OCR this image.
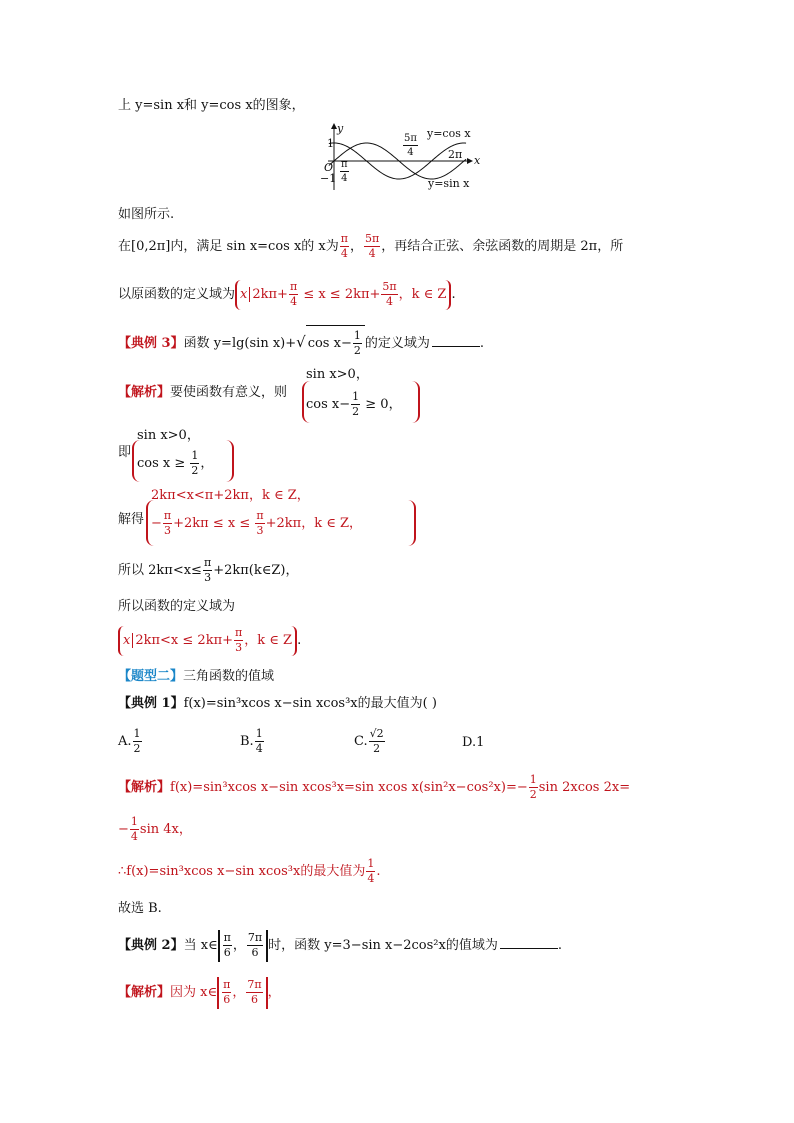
上 y=sin x和 y=cos x的图象，
y
1
O
−1
x
$\frac{\pi}{4}$
$\frac{5\pi}{4}$	2π
y=cos x
y=sin x
如图所示.
在[0,2π]内，满足 sin x=cos x的 x为 $\frac{\pi}{4}$ ， $\frac{5\pi}{4}$ ，再结合正弦、余弦函数的周期是 2π，所
以原函数的定义域为 x $2k\pi+ \frac{\pi}{4} \le x \le 2k\pi+ \frac{5\pi}{4}$ ，k ∈ Z .
【典例 3】函数 y=lg(sin x)+√ $\cos x- \frac{1}{2}$ 的定义域为	.
【解析】要使函数有意义，则
sin x>0，
$\cos x- \frac{1}{2} \ge 0$，
即
sin x>0，
$\cos x \ge \frac{1}{2}$ ，
解得
2kπ<x<π+2kπ，k ∈ Z，
− $\frac{\pi}{3} +2k\pi \le x \le \frac{\pi}{3} +2k\pi$，k ∈ Z，
所以 $2k\pi<x\le \frac{\pi}{3}$ +2kπ(k∈Z)，
所以函数的定义域为
x $2k\pi<x \le 2k\pi+ \frac{\pi}{3}$ ，k ∈ Z .
【题型二】三角函数的值域
【典例 1】f(x)=sin³xcos x−sin xcos³x的最大值为( )
A. $\frac{1}{2}$	B. $\frac{1}{4}$	C. $\frac{√2}{2}$	D.1
【解析】f(x)=sin³xcos x−sin xcos³x=sin xcos $x(\sin^2x-\cos^2x)=- \frac{1}{2}$ sin 2xcos 2x=
− $\frac{1}{4}$ sin 4x，
∴f(x)=sin³xcos x−sin xcos³x的最大值为 $\frac{1}{4}$ .
故选 B.
【典例 2】当 x∈ $\frac{\pi}{6}$ ， $\frac{7\pi}{6}$ 时，函数 y=3−sin x−2cos²x的值域为	.
【解析】因为 x∈ $\frac{\pi}{6}$ ， $\frac{7\pi}{6}$ ，
